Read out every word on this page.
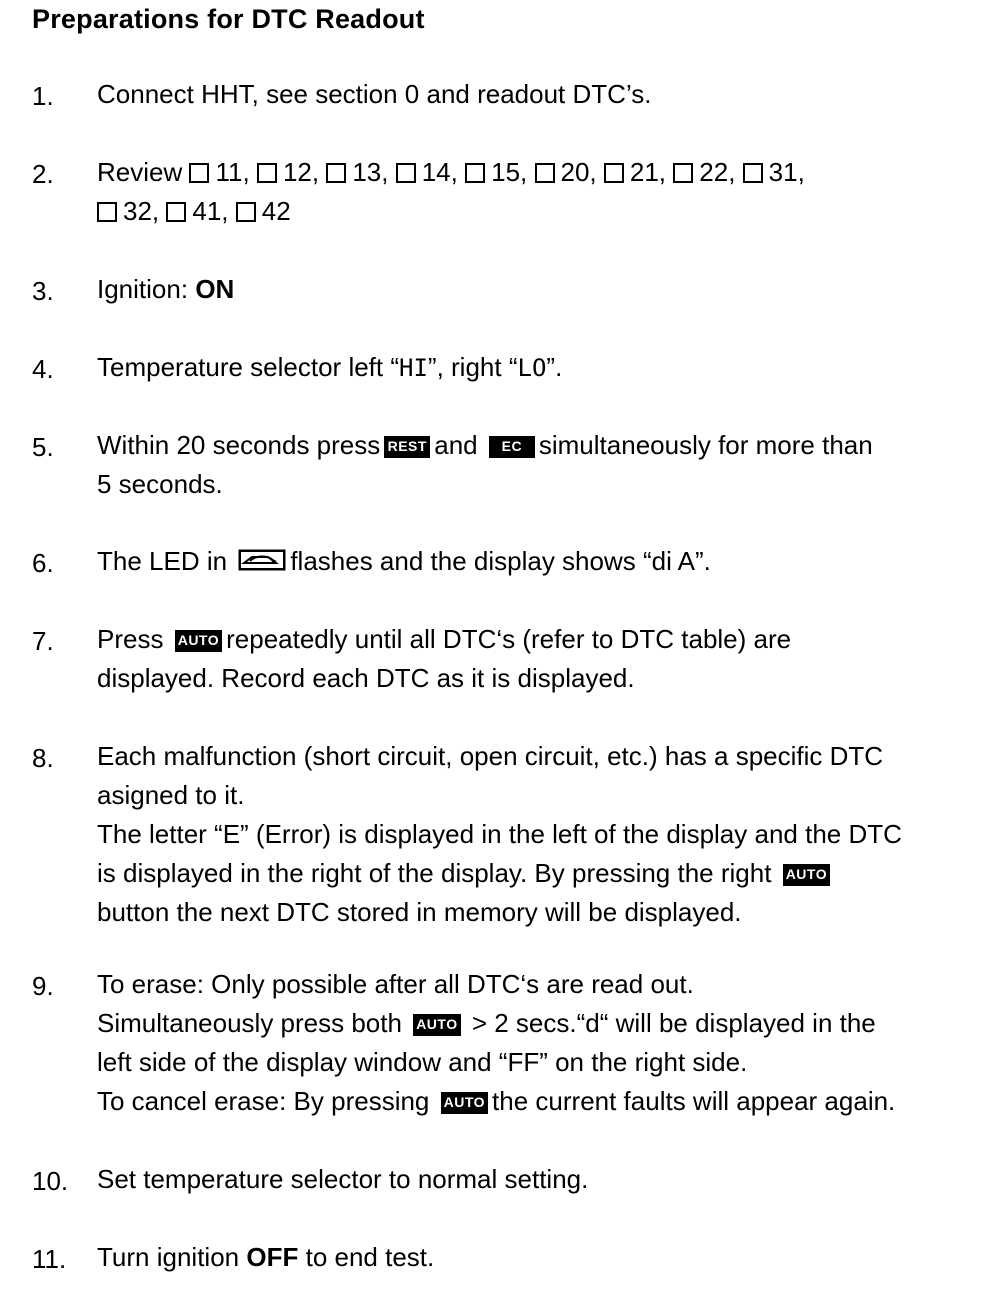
Preparations for DTC Readout
1. Connect HHT, see section 0 and readout DTC’s.
2. Review 11, 12, 13, 14, 15, 20, 21, 22, 31,
32, 41, 42
3. Ignition: ON
4. Temperature selector left “HI”, right “LO”.
5. Within 20 seconds press REST and EC simultaneously for more than
5 seconds.
6. The LED in flashes and the display shows “di A”.
7. Press AUTO repeatedly until all DTC‘s (refer to DTC table) are
displayed. Record each DTC as it is displayed.
8. Each malfunction (short circuit, open circuit, etc.) has a specific DTC
asigned to it.
The letter “E” (Error) is displayed in the left of the display and the DTC
is displayed in the right of the display. By pressing the right AUTO
button the next DTC stored in memory will be displayed.
9. To erase: Only possible after all DTC‘s are read out.
Simultaneously press both AUTO > 2 secs.“d“ will be displayed in the
left side of the display window and “FF” on the right side.
To cancel erase: By pressing AUTO the current faults will appear again.
10. Set temperature selector to normal setting.
11. Turn ignition OFF to end test.
